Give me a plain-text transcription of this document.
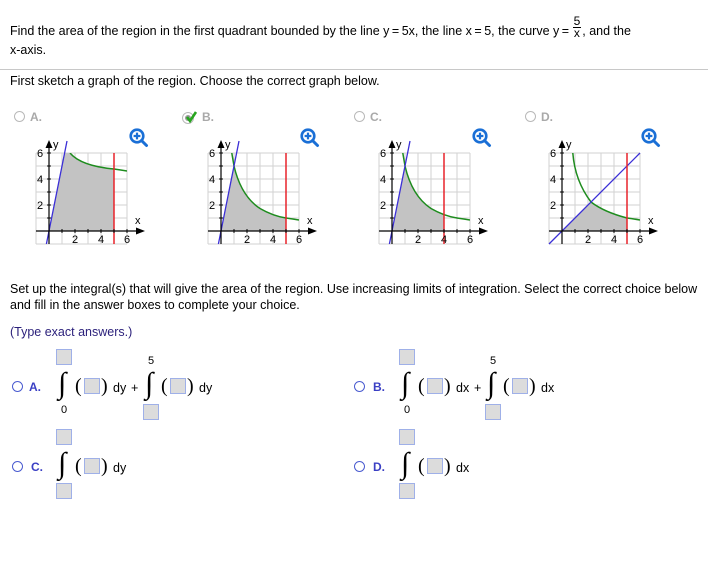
Find the area of the region in the first quadrant bounded by the line y = 5x, the line x = 5, the curve $y = \frac{5}{x}$ , and the
x-axis.
First sketch a graph of the region. Choose the correct graph below.
A.	B.	C.	D.
y
x
6
4
2
2 4 6
y
x
6
4
2
2 4 6
y
x
6
4
2
2 4 6
y
x
6
4
2
2 4 6
Set up the integral(s) that will give the area of the region. Use increasing limits of integration. Select the correct choice below and fill in the answer boxes to complete your choice.
(Type exact answers.)
A. ∫
0
( ) dy +
5
∫ ( ) dy	B. ∫
0
( ) dx +
5
∫ ( ) dx
C. ∫ ( ) dy	D. ∫ ( ) dx
